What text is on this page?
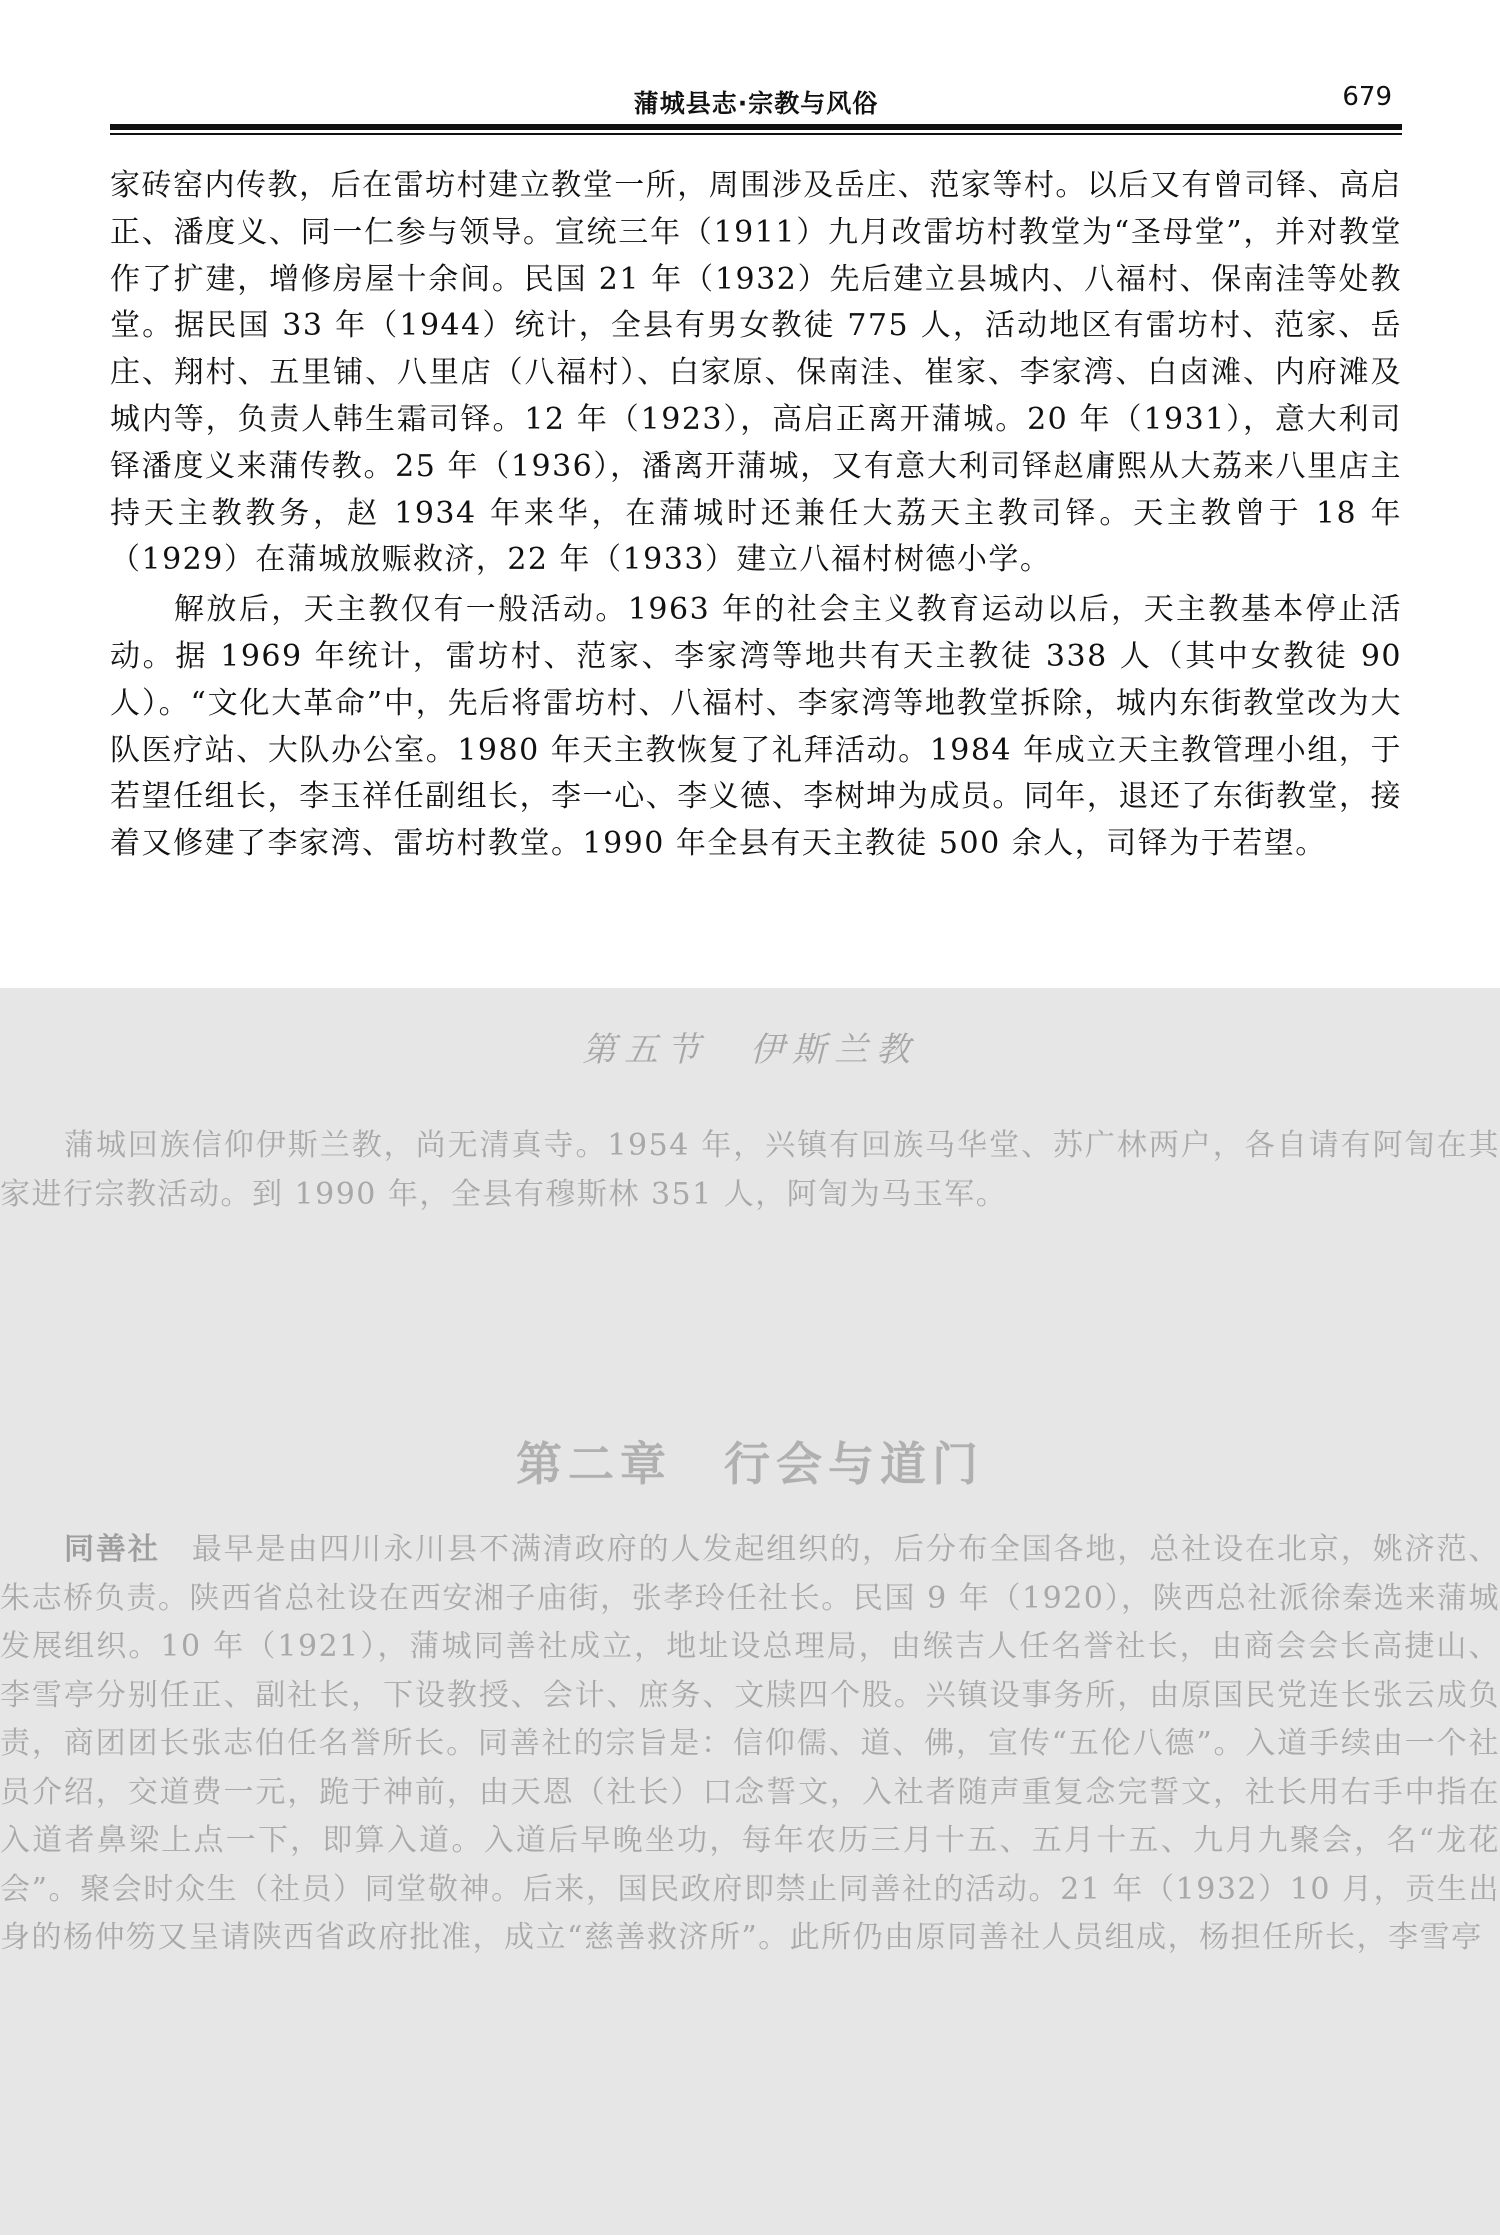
蒲城县志·宗教与风俗	679

家砖窑内传教，后在雷坊村建立教堂一所，周围涉及岳庄、范家等村。以后又有曾司铎、高启正、潘度义、同一仁参与领导。宣统三年（1911）九月改雷坊村教堂为“圣母堂”，并对教堂作了扩建，增修房屋十余间。民国 21 年（1932）先后建立县城内、八福村、保南洼等处教堂。据民国 33 年（1944）统计，全县有男女教徒 775 人，活动地区有雷坊村、范家、岳庄、翔村、五里铺、八里店（八福村）、白家原、保南洼、崔家、李家湾、白卤滩、内府滩及城内等，负责人韩生霜司铎。12 年（1923），高启正离开蒲城。20 年（1931），意大利司铎潘度义来蒲传教。25 年（1936），潘离开蒲城，又有意大利司铎赵庸熙从大荔来八里店主持天主教教务，赵 1934 年来华，在蒲城时还兼任大荔天主教司铎。天主教曾于 18 年（1929）在蒲城放赈救济，22 年（1933）建立八福村树德小学。

解放后，天主教仅有一般活动。1963 年的社会主义教育运动以后，天主教基本停止活动。据 1969 年统计，雷坊村、范家、李家湾等地共有天主教徒 338 人（其中女教徒 90 人）。“文化大革命”中，先后将雷坊村、八福村、李家湾等地教堂拆除，城内东街教堂改为大队医疗站、大队办公室。1980 年天主教恢复了礼拜活动。1984 年成立天主教管理小组，于若望任组长，李玉祥任副组长，李一心、李义德、李树坤为成员。同年，退还了东街教堂，接着又修建了李家湾、雷坊村教堂。1990 年全县有天主教徒 500 余人，司铎为于若望。

第五节　伊斯兰教

蒲城回族信仰伊斯兰教，尚无清真寺。1954 年，兴镇有回族马华堂、苏广林两户，各自请有阿訇在其家进行宗教活动。到 1990 年，全县有穆斯林 351 人，阿訇为马玉军。

第二章　行会与道门

同善社　 最早是由四川永川县不满清政府的人发起组织的，后分布全国各地，总社设在北京，姚济范、朱志桥负责。陕西省总社设在西安湘子庙街，张孝玲任社长。民国 9 年（1920），陕西总社派徐秦选来蒲城发展组织。10 年（1921），蒲城同善社成立，地址设总理局，由缑吉人任名誉社长，由商会会长高捷山、李雪亭分别任正、副社长，下设教授、会计、庶务、文牍四个股。兴镇设事务所，由原国民党连长张云成负责，商团团长张志伯任名誉所长。同善社的宗旨是：信仰儒、道、佛，宣传“五伦八德”。入道手续由一个社员介绍，交道费一元，跪于神前，由天恩（社长）口念誓文，入社者随声重复念完誓文，社长用右手中指在入道者鼻梁上点一下，即算入道。入道后早晚坐功，每年农历三月十五、五月十五、九月九聚会，名“龙花会”。聚会时众生（社员）同堂敬神。后来，国民政府即禁止同善社的活动。21 年（1932）10 月，贡生出身的杨仲笏又呈请陕西省政府批准，成立“慈善救济所”。此所仍由原同善社人员组成，杨担任所长，李雪亭
